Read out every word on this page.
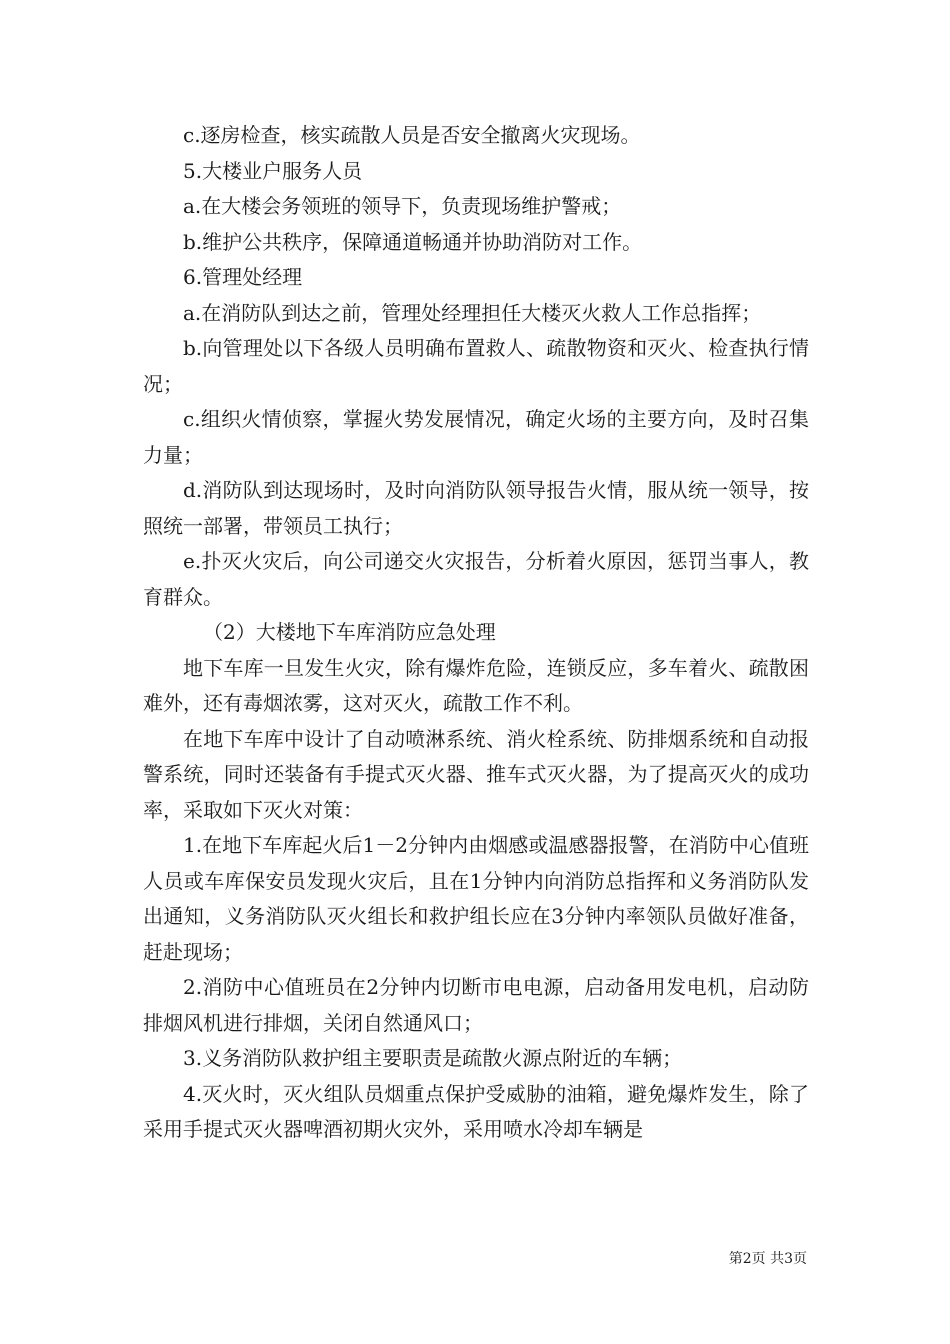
c.逐房检查，核实疏散人员是否安全撤离火灾现场。

5.大楼业户服务人员

a.在大楼会务领班的领导下，负责现场维护警戒；

b.维护公共秩序，保障通道畅通并协助消防对工作。

6.管理处经理

a.在消防队到达之前，管理处经理担任大楼灭火救人工作总指挥；

b.向管理处以下各级人员明确布置救人、疏散物资和灭火、检查执行情况；

c.组织火情侦察，掌握火势发展情况，确定火场的主要方向，及时召集力量；

d.消防队到达现场时，及时向消防队领导报告火情，服从统一领导，按照统一部署，带领员工执行；

e.扑灭火灾后，向公司递交火灾报告，分析着火原因，惩罚当事人，教育群众。

（2）大楼地下车库消防应急处理

地下车库一旦发生火灾，除有爆炸危险，连锁反应，多车着火、疏散困难外，还有毒烟浓雾，这对灭火，疏散工作不利。

在地下车库中设计了自动喷淋系统、消火栓系统、防排烟系统和自动报警系统，同时还装备有手提式灭火器、推车式灭火器，为了提高灭火的成功率，采取如下灭火对策：

1.在地下车库起火后1－2分钟内由烟感或温感器报警，在消防中心值班人员或车库保安员发现火灾后，且在1分钟内向消防总指挥和义务消防队发出通知，义务消防队灭火组长和救护组长应在3分钟内率领队员做好准备，赶赴现场；

2.消防中心值班员在2分钟内切断市电电源，启动备用发电机，启动防排烟风机进行排烟，关闭自然通风口；

3.义务消防队救护组主要职责是疏散火源点附近的车辆；

4.灭火时，灭火组队员烟重点保护受威胁的油箱，避免爆炸发生，除了采用手提式灭火器啤酒初期火灾外，采用喷水冷却车辆是

第2页 共3页
